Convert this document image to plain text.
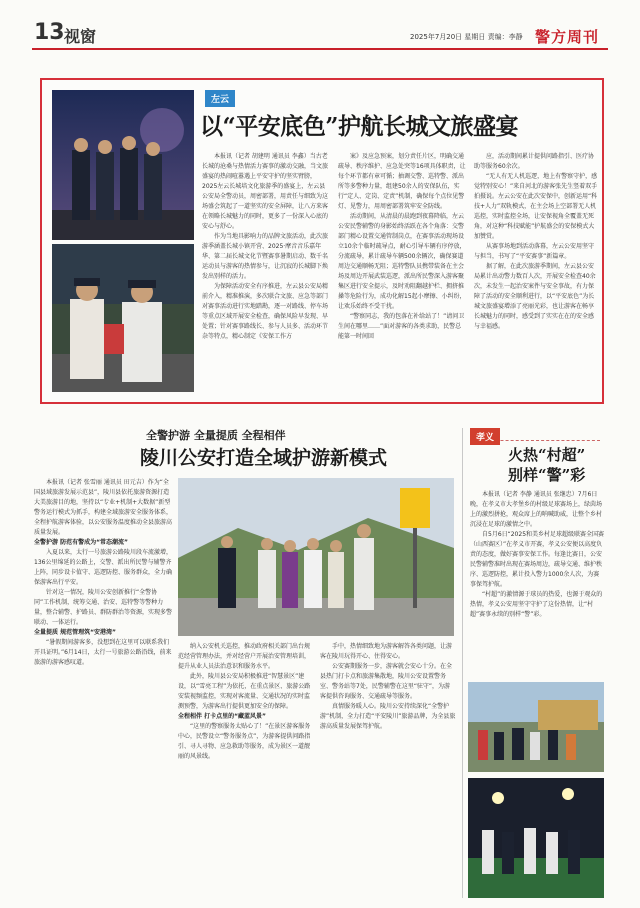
13 视窗	2025年7月20日 星期日 责编：李静 警方周刊
左云
以“平安底色”护航长城文旅盛宴

本报讯（记者 胡建明 通讯员 李鑫）当古老长城的沧桑与热情活力赛事的激动交融，当文旅盛宴的热闹喧嚣遇上平安守护的坚实臂膀，2025左云长城培文化旅游季的盛宴上，左云县公安局全警动员，周密部署，用责任与细致为这场盛会筑起了一道坚实的安全屏障，让八方来客在领略长城魅力的同时，更多了一份深入心底的安心与舒心。

作为当地具影响力的品牌文旅活动，此次旅游季涵盖长城小镇开营、2025·摩音音乐嘉年华、第二届长城文化节暨赛事暑期启动、数千名运动员与游客的热情参与，让沉寂的长城脚下焕发出别样的活力。

为保障活动安全有序推进，左云县公安局精前介入，精准推演，多次联合文旅、应急等部门对赛事活动进行实地踏勘，逐一对路线、停车场等重点区域开展安全检查，确保风险早发现、早处置；针对赛事路线长、参与人员多、活动环节杂等特点，精心制定《安保工作方

案》及应急预案，划分责任片区，明确交通疏导、秩序维护、应急处突等16项具体职责，让每个环节都有章可循；抽调交警、巡特警、派出所等多警种力量，组建50余人的安保队伍，实行“定人、定岗、定责”机制，确保每个点位见警灯、见警力，用周密部署筑牢安全防线。

活动期间，从清晨的晨跑到夜幕降临，左云公安民警辅警的身影始终活跃在各个角落：交警部门精心设置交通管制岗点，在赛事活动现场设立10余个临时疏导点，耐心引导车辆有序停放，分流疏导，累计疏导车辆500余辆次，确保赛道周边交通顺畅无阻；巡特警队员携带装备在主会场及周边开展武装巡逻，派出所民警深入游客聚集区进行安全提示，及时劝阻翻越护栏、拥挤推搡等危险行为，成功化解15起小摩擦、小纠纷，让欢乐始终不受干扰。

“警察同志，我的包落在补给站了！”请问卫生间在哪里……”面对游客的各类求助，民警总能第一时间回

应，活动期间累计提供问路指引、医疗协助等服务60余次。

“无人有无人机巡逻，地上有警察守护，感觉特别安心！”来自河北的游客张先生竖着双手拍摄说。左云公安在此次安保中，创新运用“科技+人力”双轨模式，在主会场上空部署无人机巡控，实时监控全场，让安保视角全覆盖无死角，对这种“科技赋能”护航盛会的安保模式大加赞赏。

从赛事场地到活动落幕，左云公安用坚守与担当，书写了“平安赛事”新篇章。

据了解，在此次旅游季期间，左云县公安局累计出动警力数百人次，开展安全检查40余次，未发生一起治安案件与安全事故，有力保障了活动的安全顺利进行，以“平安底色”为长城文旅盛宴增添了亮丽光彩，也让游客在畅享长城魅力的同时，感受到了实实在在的安全感与幸福感。

全警护游 全量提质 全程相伴
陵川公安打造全域护游新模式

本报讯（记者 张雪丽 通讯员 田元吉）作为“全国县域旅游发展示范县”，陵川县依托旅游资源打造大美旅游目的地，坚持以“专业+机制+大数据”新型警务运行模式为抓手，构建全域旅游安全服务体系，全程护航游客体验，以公安服务温度推动全县旅游高质量发展。

全警护游 防范有警成为“常态潮流”

入夏以来，太行一号旅游公路陵川段车流激增，136公里绵延的公路上，交警、派出所民警与辅警齐上阵，同步设卡值守、巡逻防控、服务群众，全力确保游客出行平安。

针对这一情况，陵川公安创新推行“全警协同”工作机制，统筹交通、治安、巡特警等警种力量，整合辅警、护路员、群防群治等资源，实现多警联动、一体运行。

全量提质 规范管理筑“安港湾”

“暑假期间游客多，没想到在这里可以联系我们开具证明。”6月14日，太行一号旅游公路沿线，前来旅游的游客感叹道。

纳入公安机关巡控，推动政府相关部门出台规范经营管理办法，并对经营户开展治安管理培训，提升从业人员法治意识和服务水平。

此外，陵川县公安局积极推进“智慧景区”建设，以“雪亮工程”为依托，在重点景区、旅游公路安装视频监控，实现对客流量、交通状况的实时监测预警，为游客出行提供更加安全的保障。

全程相伴 打卡点里的“藏蓝风景”

“这里的警察服务太贴心了！”在景区游客服务中心，民警设立“警务服务点”，为游客提供问路指引、寻人寻物、应急救助等服务，成为景区一道靓丽的风景线。

手中，热情细致地为游客解答各类问题，让游客在陵川玩得开心、住得安心。

公安赛期服务一步，游客就会安心十分。在全县热门打卡点和旅游集散地，陵川公安设置警务室、警务站等7处，民警辅警在这里“驻守”，为游客提供咨询服务、交通疏导等服务。

真情服务暖人心。陵川公安持续深化“全警护游”机制，全力打造“平安陵川”旅游品牌，为全县旅游高质量发展保驾护航。

孝义
火热“村超”
别样“警”彩

本报讯（记者 李静 通讯员 张继忠）7月6日晚，在孝义市大孝堡乡的村级足球赛场上，绿茵场上的激烈拼抢，观众席上的呐喊助威，让整个乡村沉浸在足球的激情之中。

自5月6日“2025和美乡村足球超级联赛全国赛（山西赛区）”在孝义市开赛，孝义公安便以高度负责的态度，做好赛事安保工作。每逢比赛日，公安民警辅警准时出现在赛场周边，疏导交通、维护秩序、巡逻防控，累计投入警力1000余人次，为赛事保驾护航。

“村超”的激情源于球员的热爱，也源于观众的热情，孝义公安用坚守守护了这份热情，让“村超”赛事永续的别样“警”彩。
